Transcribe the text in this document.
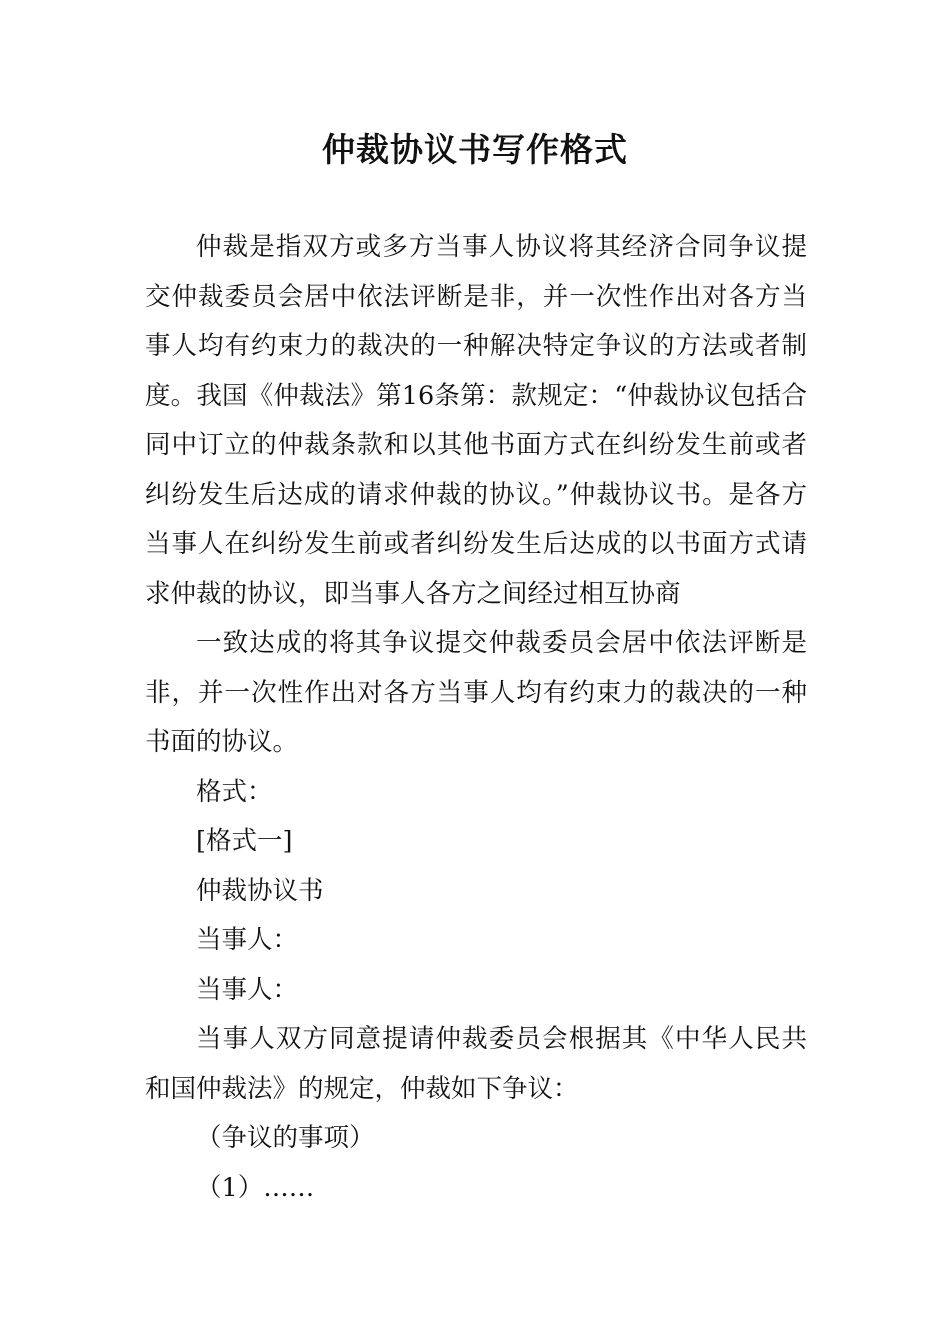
仲裁协议书写作格式

仲裁是指双方或多方当事人协议将其经济合同争议提交仲裁委员会居中依法评断是非，并一次性作出对各方当事人均有约束力的裁决的一种解决特定争议的方法或者制度。我国《仲裁法》第16条第：款规定：“仲裁协议包括合同中订立的仲裁条款和以其他书面方式在纠纷发生前或者纠纷发生后达成的请求仲裁的协议。”仲裁协议书。是各方当事人在纠纷发生前或者纠纷发生后达成的以书面方式请求仲裁的协议，即当事人各方之间经过相互协商

一致达成的将其争议提交仲裁委员会居中依法评断是非，并一次性作出对各方当事人均有约束力的裁决的一种书面的协议。

格式：

[格式一]

仲裁协议书

当事人：

当事人：

当事人双方同意提请仲裁委员会根据其《中华人民共和国仲裁法》的规定，仲裁如下争议：

（争议的事项）

（1）……
